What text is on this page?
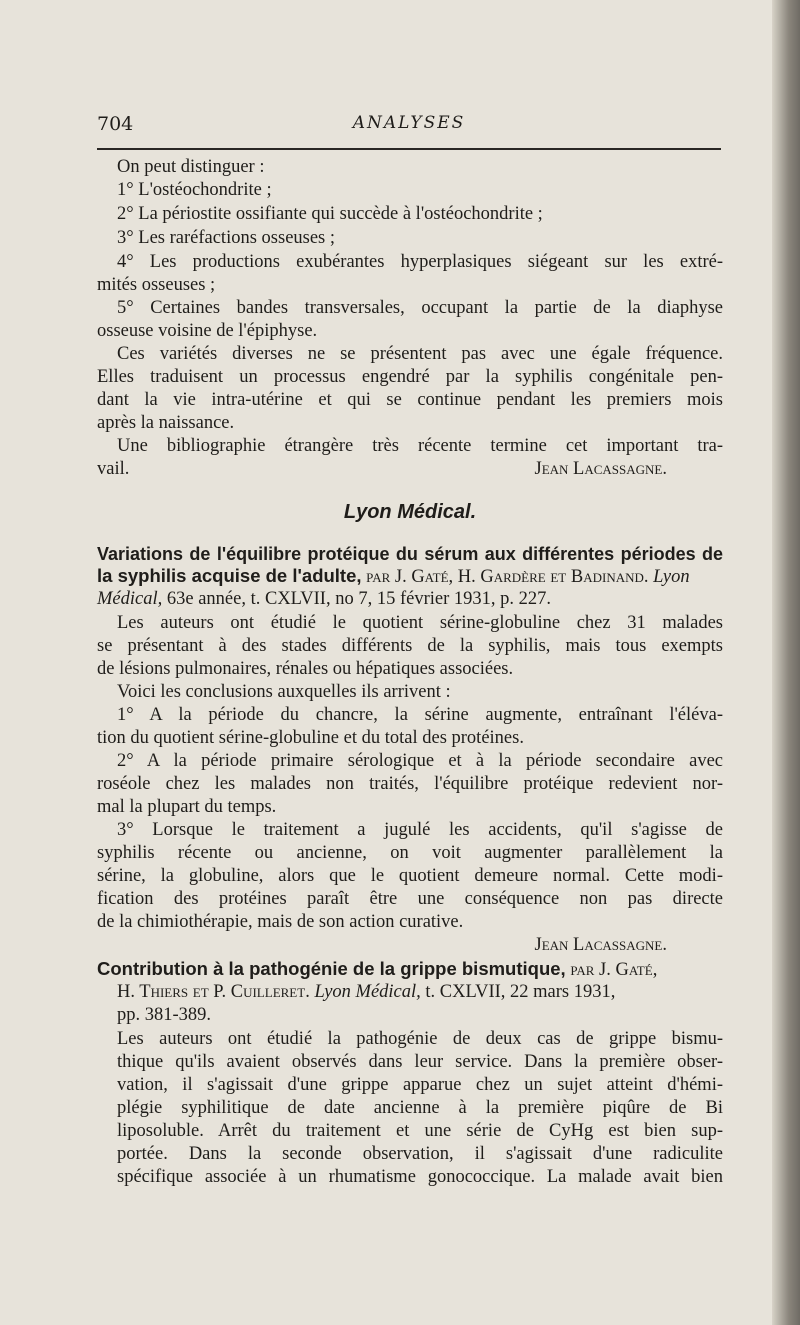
704	ANALYSES
On peut distinguer :
1° L'ostéochondrite ;
2° La périostite ossifiante qui succède à l'ostéochondrite ;
3° Les raréfactions osseuses ;
4° Les productions exubérantes hyperplasiques siégeant sur les extré-
mités osseuses ;
5° Certaines bandes transversales, occupant la partie de la diaphyse
osseuse voisine de l'épiphyse.
Ces variétés diverses ne se présentent pas avec une égale fréquence.
Elles traduisent un processus engendré par la syphilis congénitale pen-
dant la vie intra-utérine et qui se continue pendant les premiers mois
après la naissance.
Une bibliographie étrangère très récente termine cet important tra-
vail.	Jean Lacassagne.
Lyon Médical.
Variations de l'équilibre protéique du sérum aux différentes périodes de
la syphilis acquise de l'adulte, par J. Gaté, H. Gardère et Badinand. Lyon
Médical, 63e année, t. CXLVII, no 7, 15 février 1931, p. 227.
Les auteurs ont étudié le quotient sérine-globuline chez 31 malades
se présentant à des stades différents de la syphilis, mais tous exempts
de lésions pulmonaires, rénales ou hépatiques associées.
Voici les conclusions auxquelles ils arrivent :
1° A la période du chancre, la sérine augmente, entraînant l'éléva-
tion du quotient sérine-globuline et du total des protéines.
2° A la période primaire sérologique et à la période secondaire avec
roséole chez les malades non traités, l'équilibre protéique redevient nor-
mal la plupart du temps.
3° Lorsque le traitement a jugulé les accidents, qu'il s'agisse de
syphilis récente ou ancienne, on voit augmenter parallèlement la
sérine, la globuline, alors que le quotient demeure normal. Cette modi-
fication des protéines paraît être une conséquence non pas directe
de la chimiothérapie, mais de son action curative.
Jean Lacassagne.
Contribution à la pathogénie de la grippe bismutique, par J. Gaté,
H. Thiers et P. Cuilleret. Lyon Médical, t. CXLVII, 22 mars 1931,
pp. 381-389.
Les auteurs ont étudié la pathogénie de deux cas de grippe bismu-
thique qu'ils avaient observés dans leur service. Dans la première obser-
vation, il s'agissait d'une grippe apparue chez un sujet atteint d'hémi-
plégie syphilitique de date ancienne à la première piqûre de Bi
liposoluble. Arrêt du traitement et une série de CyHg est bien sup-
portée. Dans la seconde observation, il s'agissait d'une radiculite
spécifique associée à un rhumatisme gonococcique. La malade avait bien
